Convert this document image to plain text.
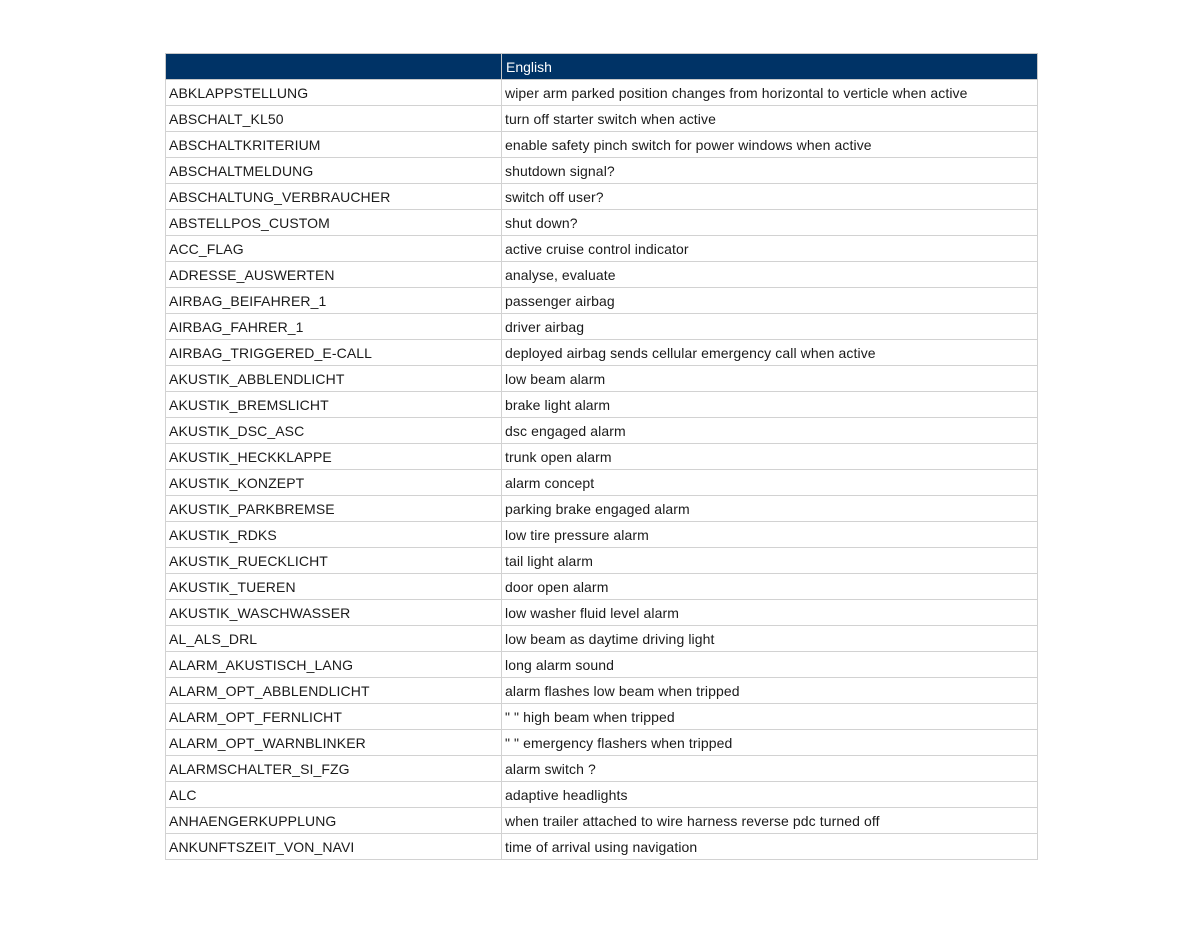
	English
ABKLAPPSTELLUNG	wiper arm parked position changes from horizontal to verticle when active
ABSCHALT_KL50	turn off starter switch when active
ABSCHALTKRITERIUM	enable safety pinch switch for power windows when active
ABSCHALTMELDUNG	shutdown signal?
ABSCHALTUNG_VERBRAUCHER	switch off user?
ABSTELLPOS_CUSTOM	shut down?
ACC_FLAG	active cruise control indicator
ADRESSE_AUSWERTEN	analyse, evaluate
AIRBAG_BEIFAHRER_1	passenger airbag
AIRBAG_FAHRER_1	driver airbag
AIRBAG_TRIGGERED_E-CALL	deployed airbag sends cellular emergency call when active
AKUSTIK_ABBLENDLICHT	low beam alarm
AKUSTIK_BREMSLICHT	brake light alarm
AKUSTIK_DSC_ASC	dsc engaged alarm
AKUSTIK_HECKKLAPPE	trunk open alarm
AKUSTIK_KONZEPT	alarm concept
AKUSTIK_PARKBREMSE	parking brake engaged alarm
AKUSTIK_RDKS	low tire pressure alarm
AKUSTIK_RUECKLICHT	tail light alarm
AKUSTIK_TUEREN	door open alarm
AKUSTIK_WASCHWASSER	low washer fluid level alarm
AL_ALS_DRL	low beam as daytime driving light
ALARM_AKUSTISCH_LANG	long alarm sound
ALARM_OPT_ABBLENDLICHT	alarm flashes low beam when tripped
ALARM_OPT_FERNLICHT	" " high beam when tripped
ALARM_OPT_WARNBLINKER	" " emergency flashers when tripped
ALARMSCHALTER_SI_FZG	alarm switch ?
ALC	adaptive headlights
ANHAENGERKUPPLUNG	when trailer attached to wire harness reverse pdc turned off
ANKUNFTSZEIT_VON_NAVI	time of arrival using navigation
